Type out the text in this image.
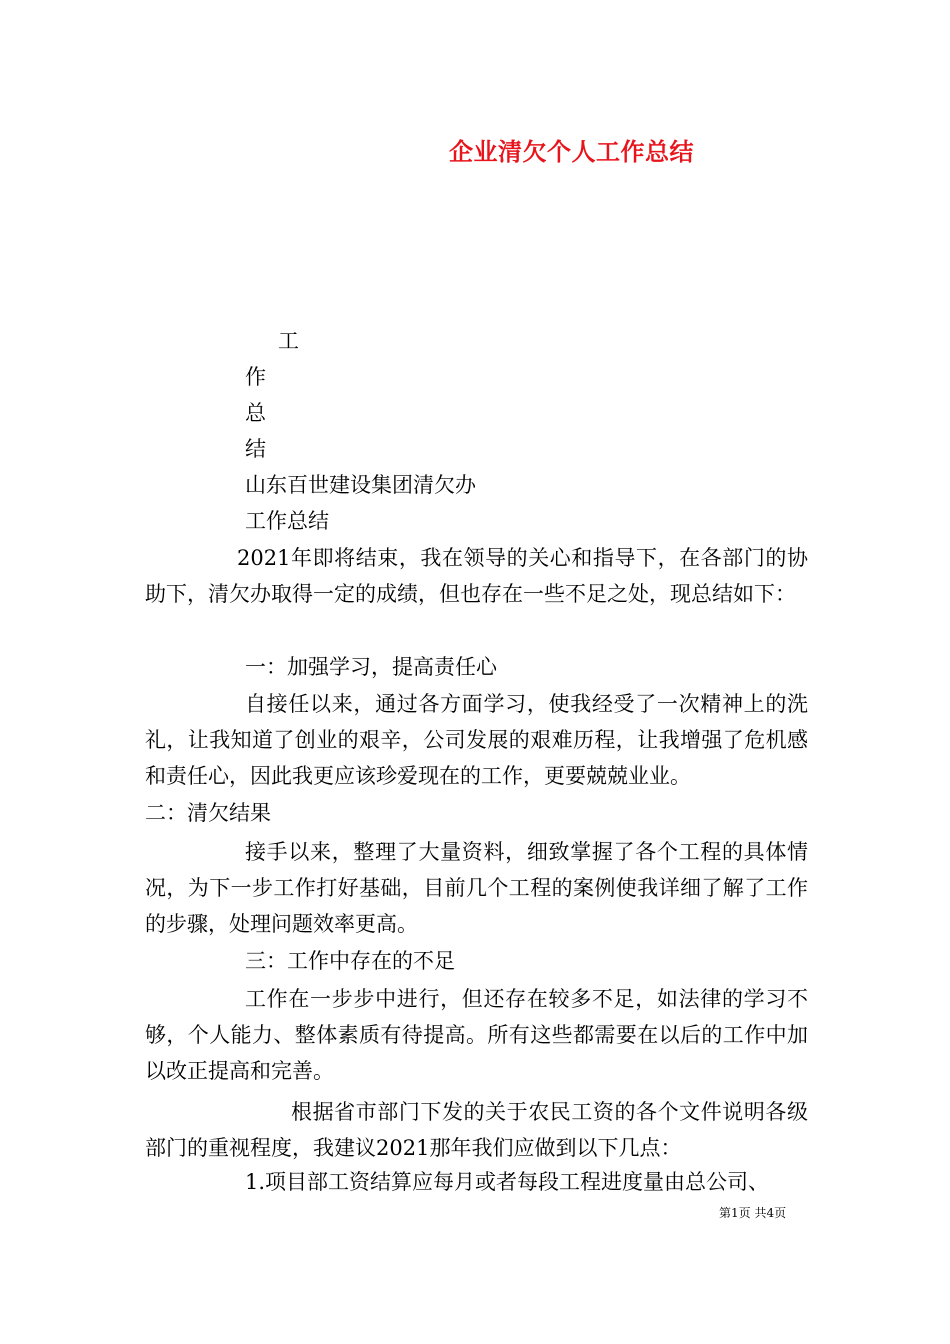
企业清欠个人工作总结
工
作
总
结
山东百世建设集团清欠办
工作总结
2021年即将结束，我在领导的关心和指导下，在各部门的协助下，清欠办取得一定的成绩，但也存在一些不足之处，现总结如下：
一：加强学习，提高责任心
自接任以来，通过各方面学习，使我经受了一次精神上的洗礼，让我知道了创业的艰辛，公司发展的艰难历程，让我增强了危机感和责任心，因此我更应该珍爱现在的工作，更要兢兢业业。
二：清欠结果
接手以来，整理了大量资料，细致掌握了各个工程的具体情况，为下一步工作打好基础，目前几个工程的案例使我详细了解了工作的步骤，处理问题效率更高。
三：工作中存在的不足
工作在一步步中进行，但还存在较多不足，如法律的学习不够，个人能力、整体素质有待提高。所有这些都需要在以后的工作中加以改正提高和完善。
根据省市部门下发的关于农民工资的各个文件说明各级部门的重视程度，我建议2021那年我们应做到以下几点：
1.项目部工资结算应每月或者每段工程进度量由总公司、
第1页 共4页
